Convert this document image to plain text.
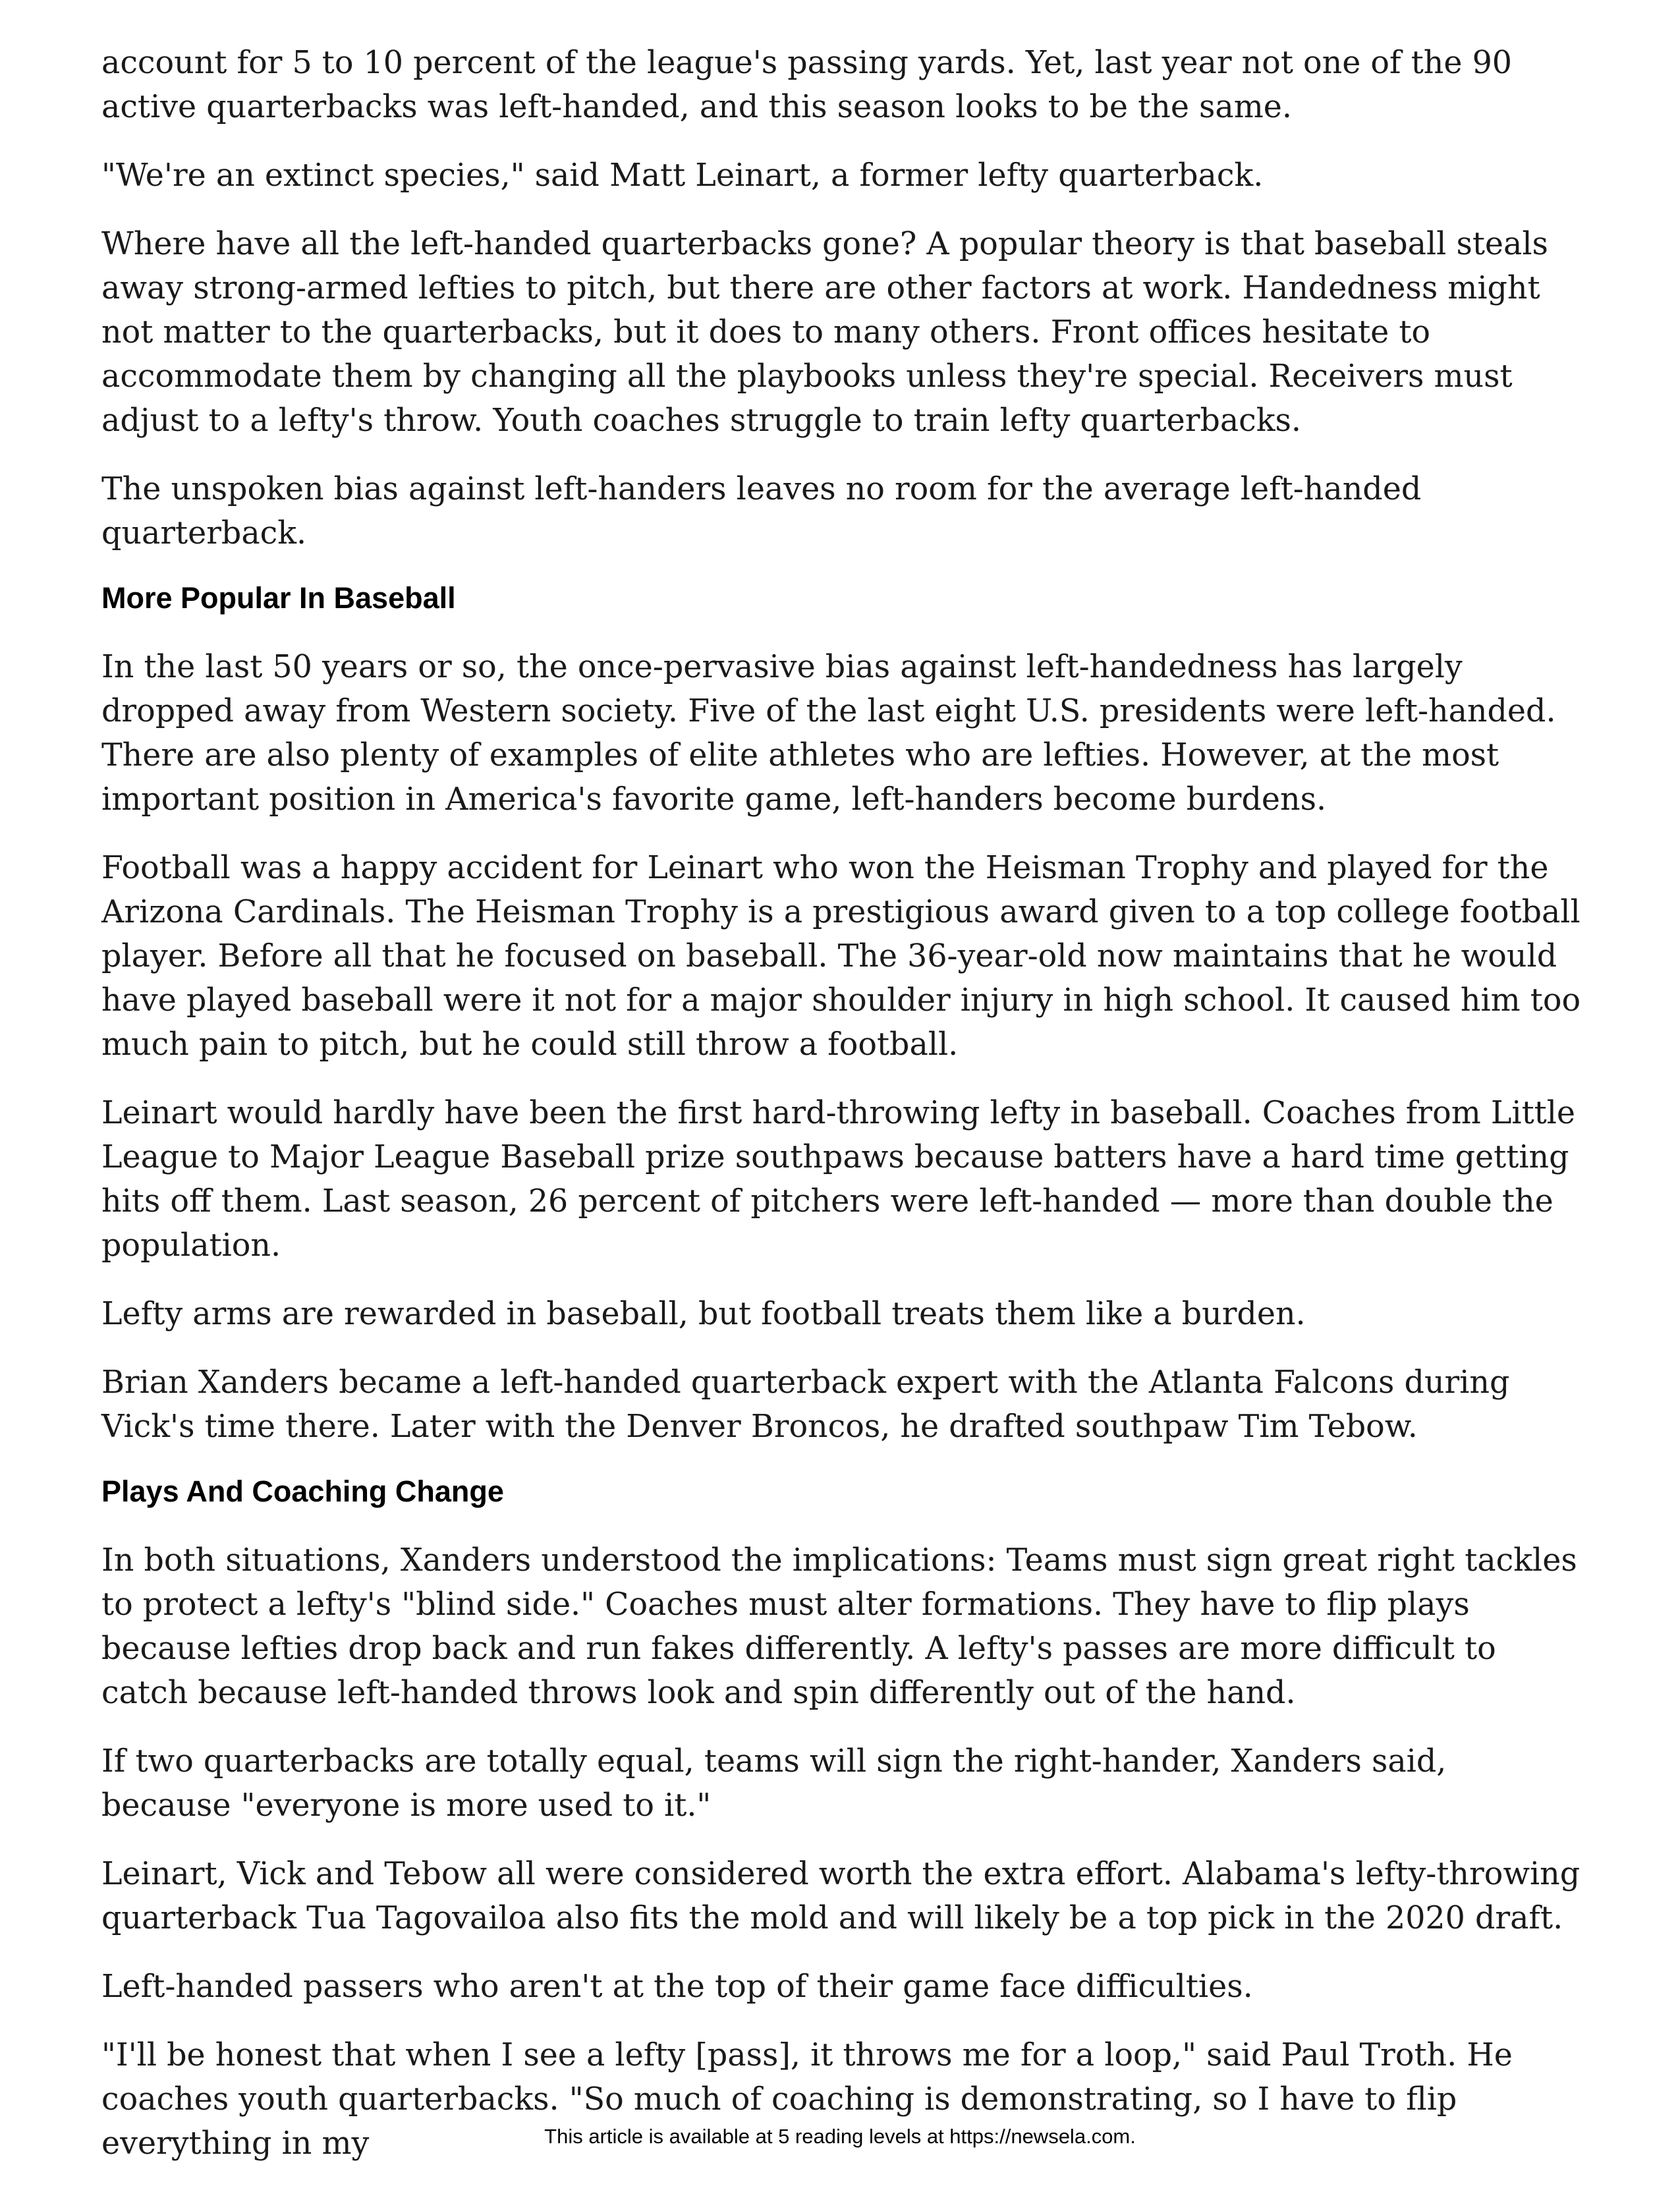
account for 5 to 10 percent of the league's passing yards. Yet, last year not one of the 90 active quarterbacks was left-handed, and this season looks to be the same.

"We're an extinct species," said Matt Leinart, a former lefty quarterback.

Where have all the left-handed quarterbacks gone? A popular theory is that baseball steals away strong-armed lefties to pitch, but there are other factors at work. Handedness might not matter to the quarterbacks, but it does to many others. Front offices hesitate to accommodate them by changing all the playbooks unless they're special. Receivers must adjust to a lefty's throw. Youth coaches struggle to train lefty quarterbacks.

The unspoken bias against left-handers leaves no room for the average left-handed quarterback.

More Popular In Baseball

In the last 50 years or so, the once-pervasive bias against left-handedness has largely dropped away from Western society. Five of the last eight U.S. presidents were left-handed. There are also plenty of examples of elite athletes who are lefties. However, at the most important position in America's favorite game, left-handers become burdens.

Football was a happy accident for Leinart who won the Heisman Trophy and played for the Arizona Cardinals. The Heisman Trophy is a prestigious award given to a top college football player. Before all that he focused on baseball. The 36-year-old now maintains that he would have played baseball were it not for a major shoulder injury in high school. It caused him too much pain to pitch, but he could still throw a football.

Leinart would hardly have been the first hard-throwing lefty in baseball. Coaches from Little League to Major League Baseball prize southpaws because batters have a hard time getting hits off them. Last season, 26 percent of pitchers were left-handed — more than double the population.

Lefty arms are rewarded in baseball, but football treats them like a burden.

Brian Xanders became a left-handed quarterback expert with the Atlanta Falcons during Vick's time there. Later with the Denver Broncos, he drafted southpaw Tim Tebow.

Plays And Coaching Change

In both situations, Xanders understood the implications: Teams must sign great right tackles to protect a lefty's "blind side." Coaches must alter formations. They have to flip plays because lefties drop back and run fakes differently. A lefty's passes are more difficult to catch because left-handed throws look and spin differently out of the hand.

If two quarterbacks are totally equal, teams will sign the right-hander, Xanders said, because "everyone is more used to it."

Leinart, Vick and Tebow all were considered worth the extra effort. Alabama's lefty-throwing quarterback Tua Tagovailoa also fits the mold and will likely be a top pick in the 2020 draft.

Left-handed passers who aren't at the top of their game face difficulties.

"I'll be honest that when I see a lefty [pass], it throws me for a loop," said Paul Troth. He coaches youth quarterbacks. "So much of coaching is demonstrating, so I have to flip everything in my	This article is available at 5 reading levels at https://newsela.com.
